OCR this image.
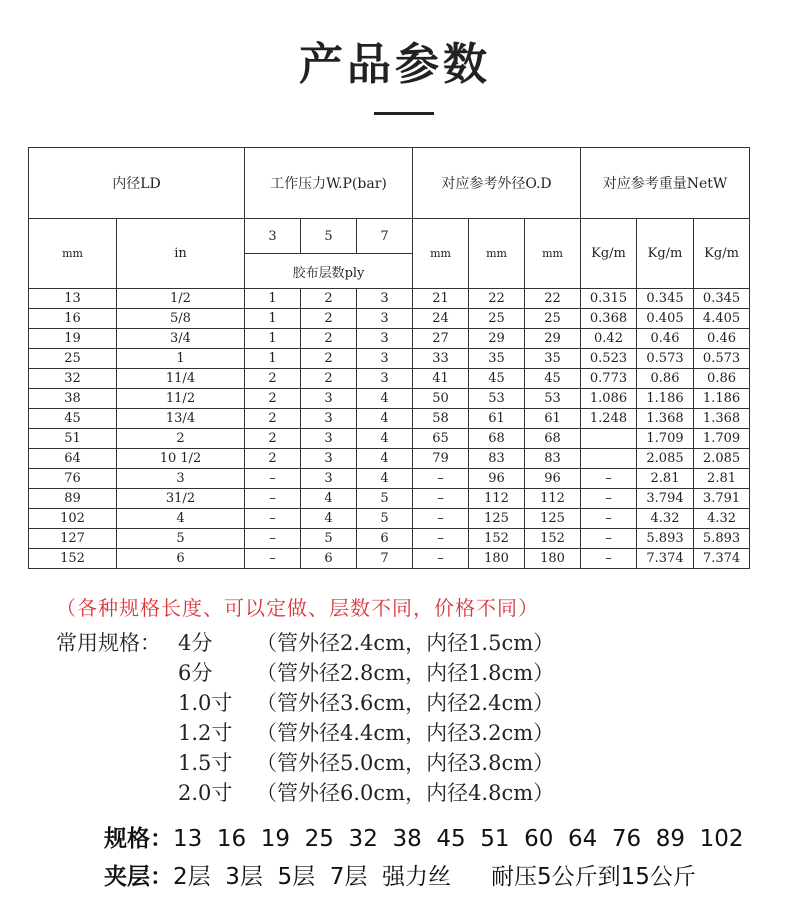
产品参数
内径LD		工作压力W.P(bar)			对应参考外径O.D			对应参考重量NetW		
mm	in	3	5	7	mm	mm	mm	Kg/m	Kg/m	Kg/m
		胶布层数ply								
13	1/2	1	2	3	21	22	22	0.315	0.345	0.345
16	5/8	1	2	3	24	25	25	0.368	0.405	4.405
19	3/4	1	2	3	27	29	29	0.42	0.46	0.46
25	1	1	2	3	33	35	35	0.523	0.573	0.573
32	11/4	2	2	3	41	45	45	0.773	0.86	0.86
38	11/2	2	3	4	50	53	53	1.086	1.186	1.186
45	13/4	2	3	4	58	61	61	1.248	1.368	1.368
51	2	2	3	4	65	68	68		1.709	1.709
64	10 1/2	2	3	4	79	83	83		2.085	2.085
76	3	–	3	4	–	96	96	–	2.81	2.81
89	31/2	–	4	5	–	112	112	–	3.794	3.791
102	4	–	4	5	–	125	125	–	4.32	4.32
127	5	–	5	6	–	152	152	–	5.893	5.893
152	6	–	6	7	–	180	180	–	7.374	7.374
（各种规格长度、可以定做、层数不同，价格不同）
常用规格： 4分	（管外径2.4cm，内径1.5cm）
6分	（管外径2.8cm，内径1.8cm）
1.0寸	（管外径3.6cm，内径2.4cm）
1.2寸	（管外径4.4cm，内径3.2cm）
1.5寸	（管外径5.0cm，内径3.8cm）
2.0寸	（管外径6.0cm，内径4.8cm）
规格：13  16  19  25  32  38  45  51  60  64  76  89  102
夹层：2层  3层  5层  7层  强力丝 耐压5公斤到15公斤
